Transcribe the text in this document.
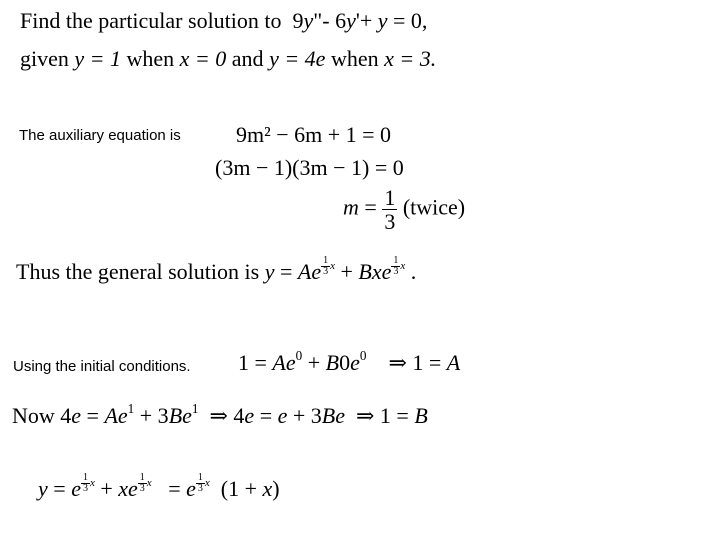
Find the particular solution to  9y"- 6y'+ y = 0,
given y = 1 when x = 0 and y = 4e when x = 3.
The auxiliary equation is	9m² − 6m + 1 = 0
(3m − 1)(3m − 1) = 0
$m = \frac{1}{3}$ (twice)
Thus the general solution is y = Ae $\frac{1}{3}$ x + Bxe $\frac{1}{3}$ x .
Using the initial conditions. $1 = Ae^0 + B0e^0$    ⇒ 1 = A
Now $4e = Ae^1 + 3Be^1$  ⇒ 4e = e + 3Be  ⇒ 1 = B
y = e $\frac{1}{3}$ x + xe $\frac{1}{3}$ x   = e $\frac{1}{3}$ x  (1 + x)
